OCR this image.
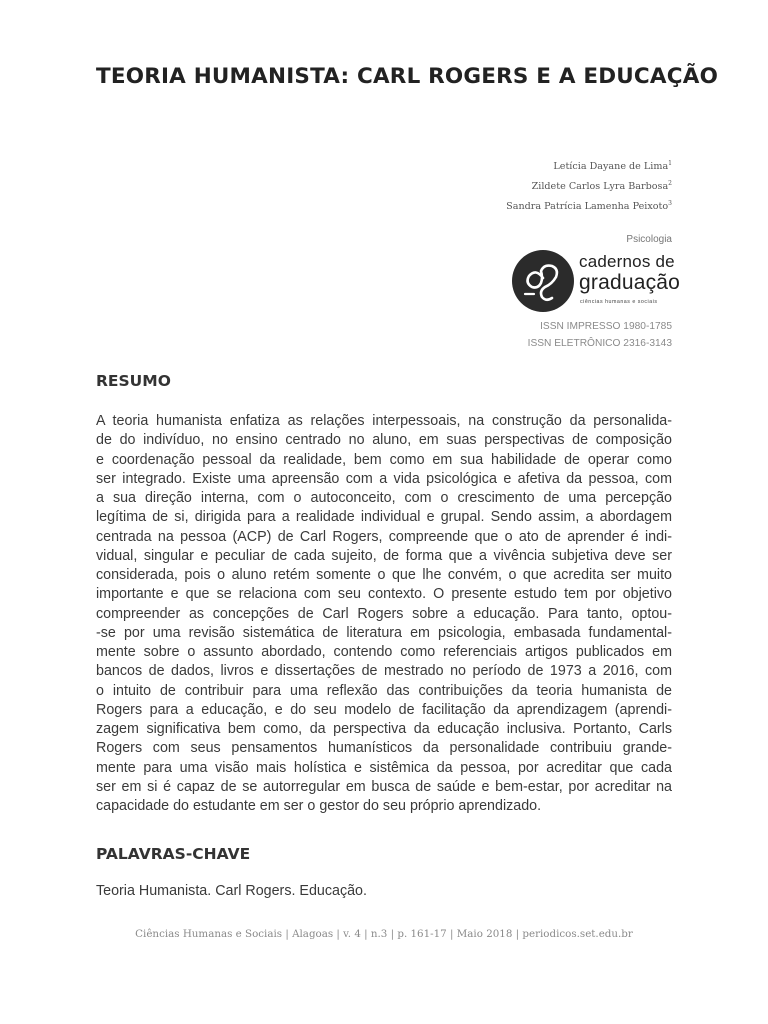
TEORIA HUMANISTA: CARL ROGERS E A EDUCAÇÃO
Letícia Dayane de Lima$^1$
Zildete Carlos Lyra Barbosa$^2$
Sandra Patrícia Lamenha Peixoto$^3$
Psicologia
cadernos de
graduação
ciências humanas e sociais
ISSN IMPRESSO 1980-1785
ISSN ELETRÔNICO 2316-3143
RESUMO
A teoria humanista enfatiza as relações interpessoais, na construção da personalida-
de do indivíduo, no ensino centrado no aluno, em suas perspectivas de composição
e coordenação pessoal da realidade, bem como em sua habilidade de operar como
ser integrado. Existe uma apreensão com a vida psicológica e afetiva da pessoa, com
a sua direção interna, com o autoconceito, com o crescimento de uma percepção
legítima de si, dirigida para a realidade individual e grupal. Sendo assim, a abordagem
centrada na pessoa (ACP) de Carl Rogers, compreende que o ato de aprender é indi-
vidual, singular e peculiar de cada sujeito, de forma que a vivência subjetiva deve ser
considerada, pois o aluno retém somente o que lhe convém, o que acredita ser muito
importante e que se relaciona com seu contexto. O presente estudo tem por objetivo
compreender as concepções de Carl Rogers sobre a educação. Para tanto, optou-
-se por uma revisão sistemática de literatura em psicologia, embasada fundamental-
mente sobre o assunto abordado, contendo como referenciais artigos publicados em
bancos de dados, livros e dissertações de mestrado no período de 1973 a 2016, com
o intuito de contribuir para uma reflexão das contribuições da teoria humanista de
Rogers para a educação, e do seu modelo de facilitação da aprendizagem (aprendi-
zagem significativa bem como, da perspectiva da educação inclusiva. Portanto, Carls
Rogers com seus pensamentos humanísticos da personalidade contribuiu grande-
mente para uma visão mais holística e sistêmica da pessoa, por acreditar que cada
ser em si é capaz de se autorregular em busca de saúde e bem-estar, por acreditar na
capacidade do estudante em ser o gestor do seu próprio aprendizado.
PALAVRAS-CHAVE
Teoria Humanista. Carl Rogers. Educação.
Ciências Humanas e Sociais | Alagoas | v. 4 | n.3 | p. 161-17 | Maio 2018 | periodicos.set.edu.br
